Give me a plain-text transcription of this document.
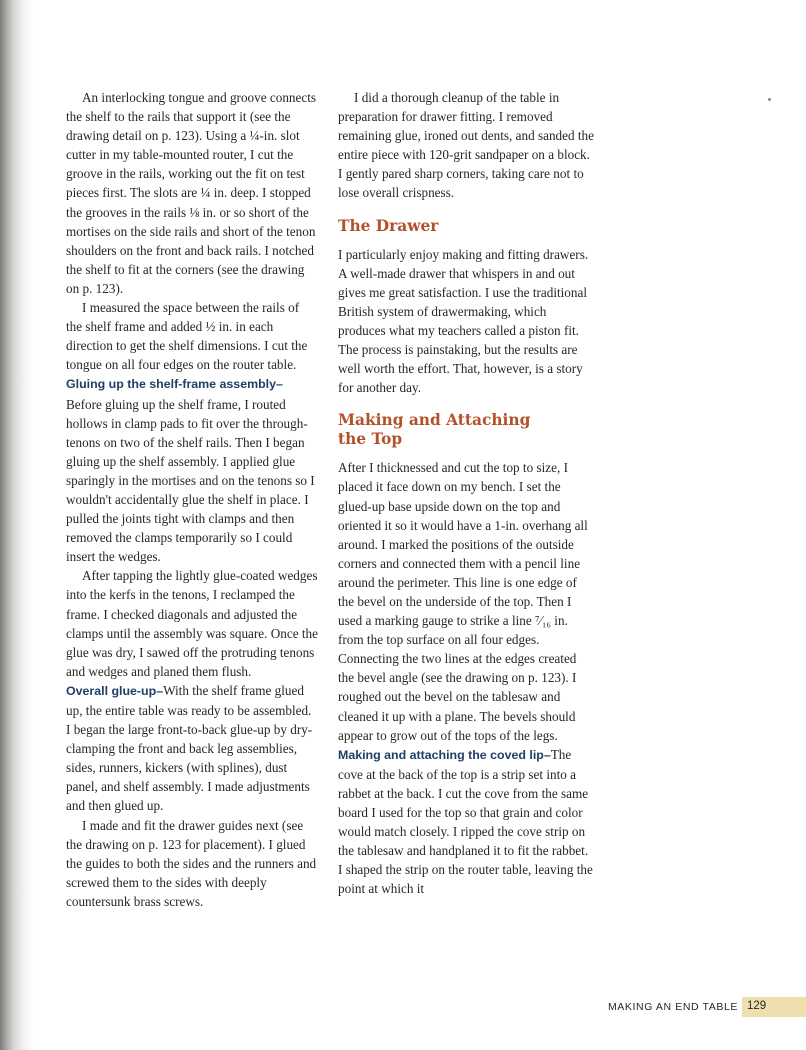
An interlocking tongue and groove connects the shelf to the rails that support it (see the drawing detail on p. 123). Using a ¼-in. slot cutter in my table-mounted router, I cut the groove in the rails, working out the fit on test pieces first. The slots are ¼ in. deep. I stopped the grooves in the rails ⅛ in. or so short of the mortises on the side rails and short of the tenon shoulders on the front and back rails. I notched the shelf to fit at the corners (see the drawing on p. 123).

I measured the space between the rails of the shelf frame and added ½ in. in each direction to get the shelf dimensions. I cut the tongue on all four edges on the router table.

Gluing up the shelf-frame assembly–Before gluing up the shelf frame, I routed hollows in clamp pads to fit over the through-tenons on two of the shelf rails. Then I began gluing up the shelf assembly. I applied glue sparingly in the mortises and on the tenons so I wouldn't accidentally glue the shelf in place. I pulled the joints tight with clamps and then removed the clamps temporarily so I could insert the wedges.

After tapping the lightly glue-coated wedges into the kerfs in the tenons, I reclamped the frame. I checked diagonals and adjusted the clamps until the assembly was square. Once the glue was dry, I sawed off the protruding tenons and wedges and planed them flush.

Overall glue-up–With the shelf frame glued up, the entire table was ready to be assembled. I began the large front-to-back glue-up by dry-clamping the front and back leg assemblies, sides, runners, kickers (with splines), dust panel, and shelf assembly. I made adjustments and then glued up.

I made and fit the drawer guides next (see the drawing on p. 123 for placement). I glued the guides to both the sides and the runners and screwed them to the sides with deeply countersunk brass screws.

I did a thorough cleanup of the table in preparation for drawer fitting. I removed remaining glue, ironed out dents, and sanded the entire piece with 120-grit sandpaper on a block. I gently pared sharp corners, taking care not to lose overall crispness.

The Drawer

I particularly enjoy making and fitting drawers. A well-made drawer that whispers in and out gives me great satisfaction. I use the traditional British system of drawermaking, which produces what my teachers called a piston fit. The process is painstaking, but the results are well worth the effort. That, however, is a story for another day.

Making and Attaching
the Top

After I thicknessed and cut the top to size, I placed it face down on my bench. I set the glued-up base upside down on the top and oriented it so it would have a 1-in. overhang all around. I marked the positions of the outside corners and connected them with a pencil line around the perimeter. This line is one edge of the bevel on the underside of the top. Then I used a marking gauge to strike a line ⁷⁄₁₆ in. from the top surface on all four edges. Connecting the two lines at the edges created the bevel angle (see the drawing on p. 123). I roughed out the bevel on the tablesaw and cleaned it up with a plane. The bevels should appear to grow out of the tops of the legs.

Making and attaching the coved lip–The cove at the back of the top is a strip set into a rabbet at the back. I cut the cove from the same board I used for the top so that grain and color would match closely. I ripped the cove strip on the tablesaw and handplaned it to fit the rabbet. I shaped the strip on the router table, leaving the point at which it

MAKING AN END TABLE 129
